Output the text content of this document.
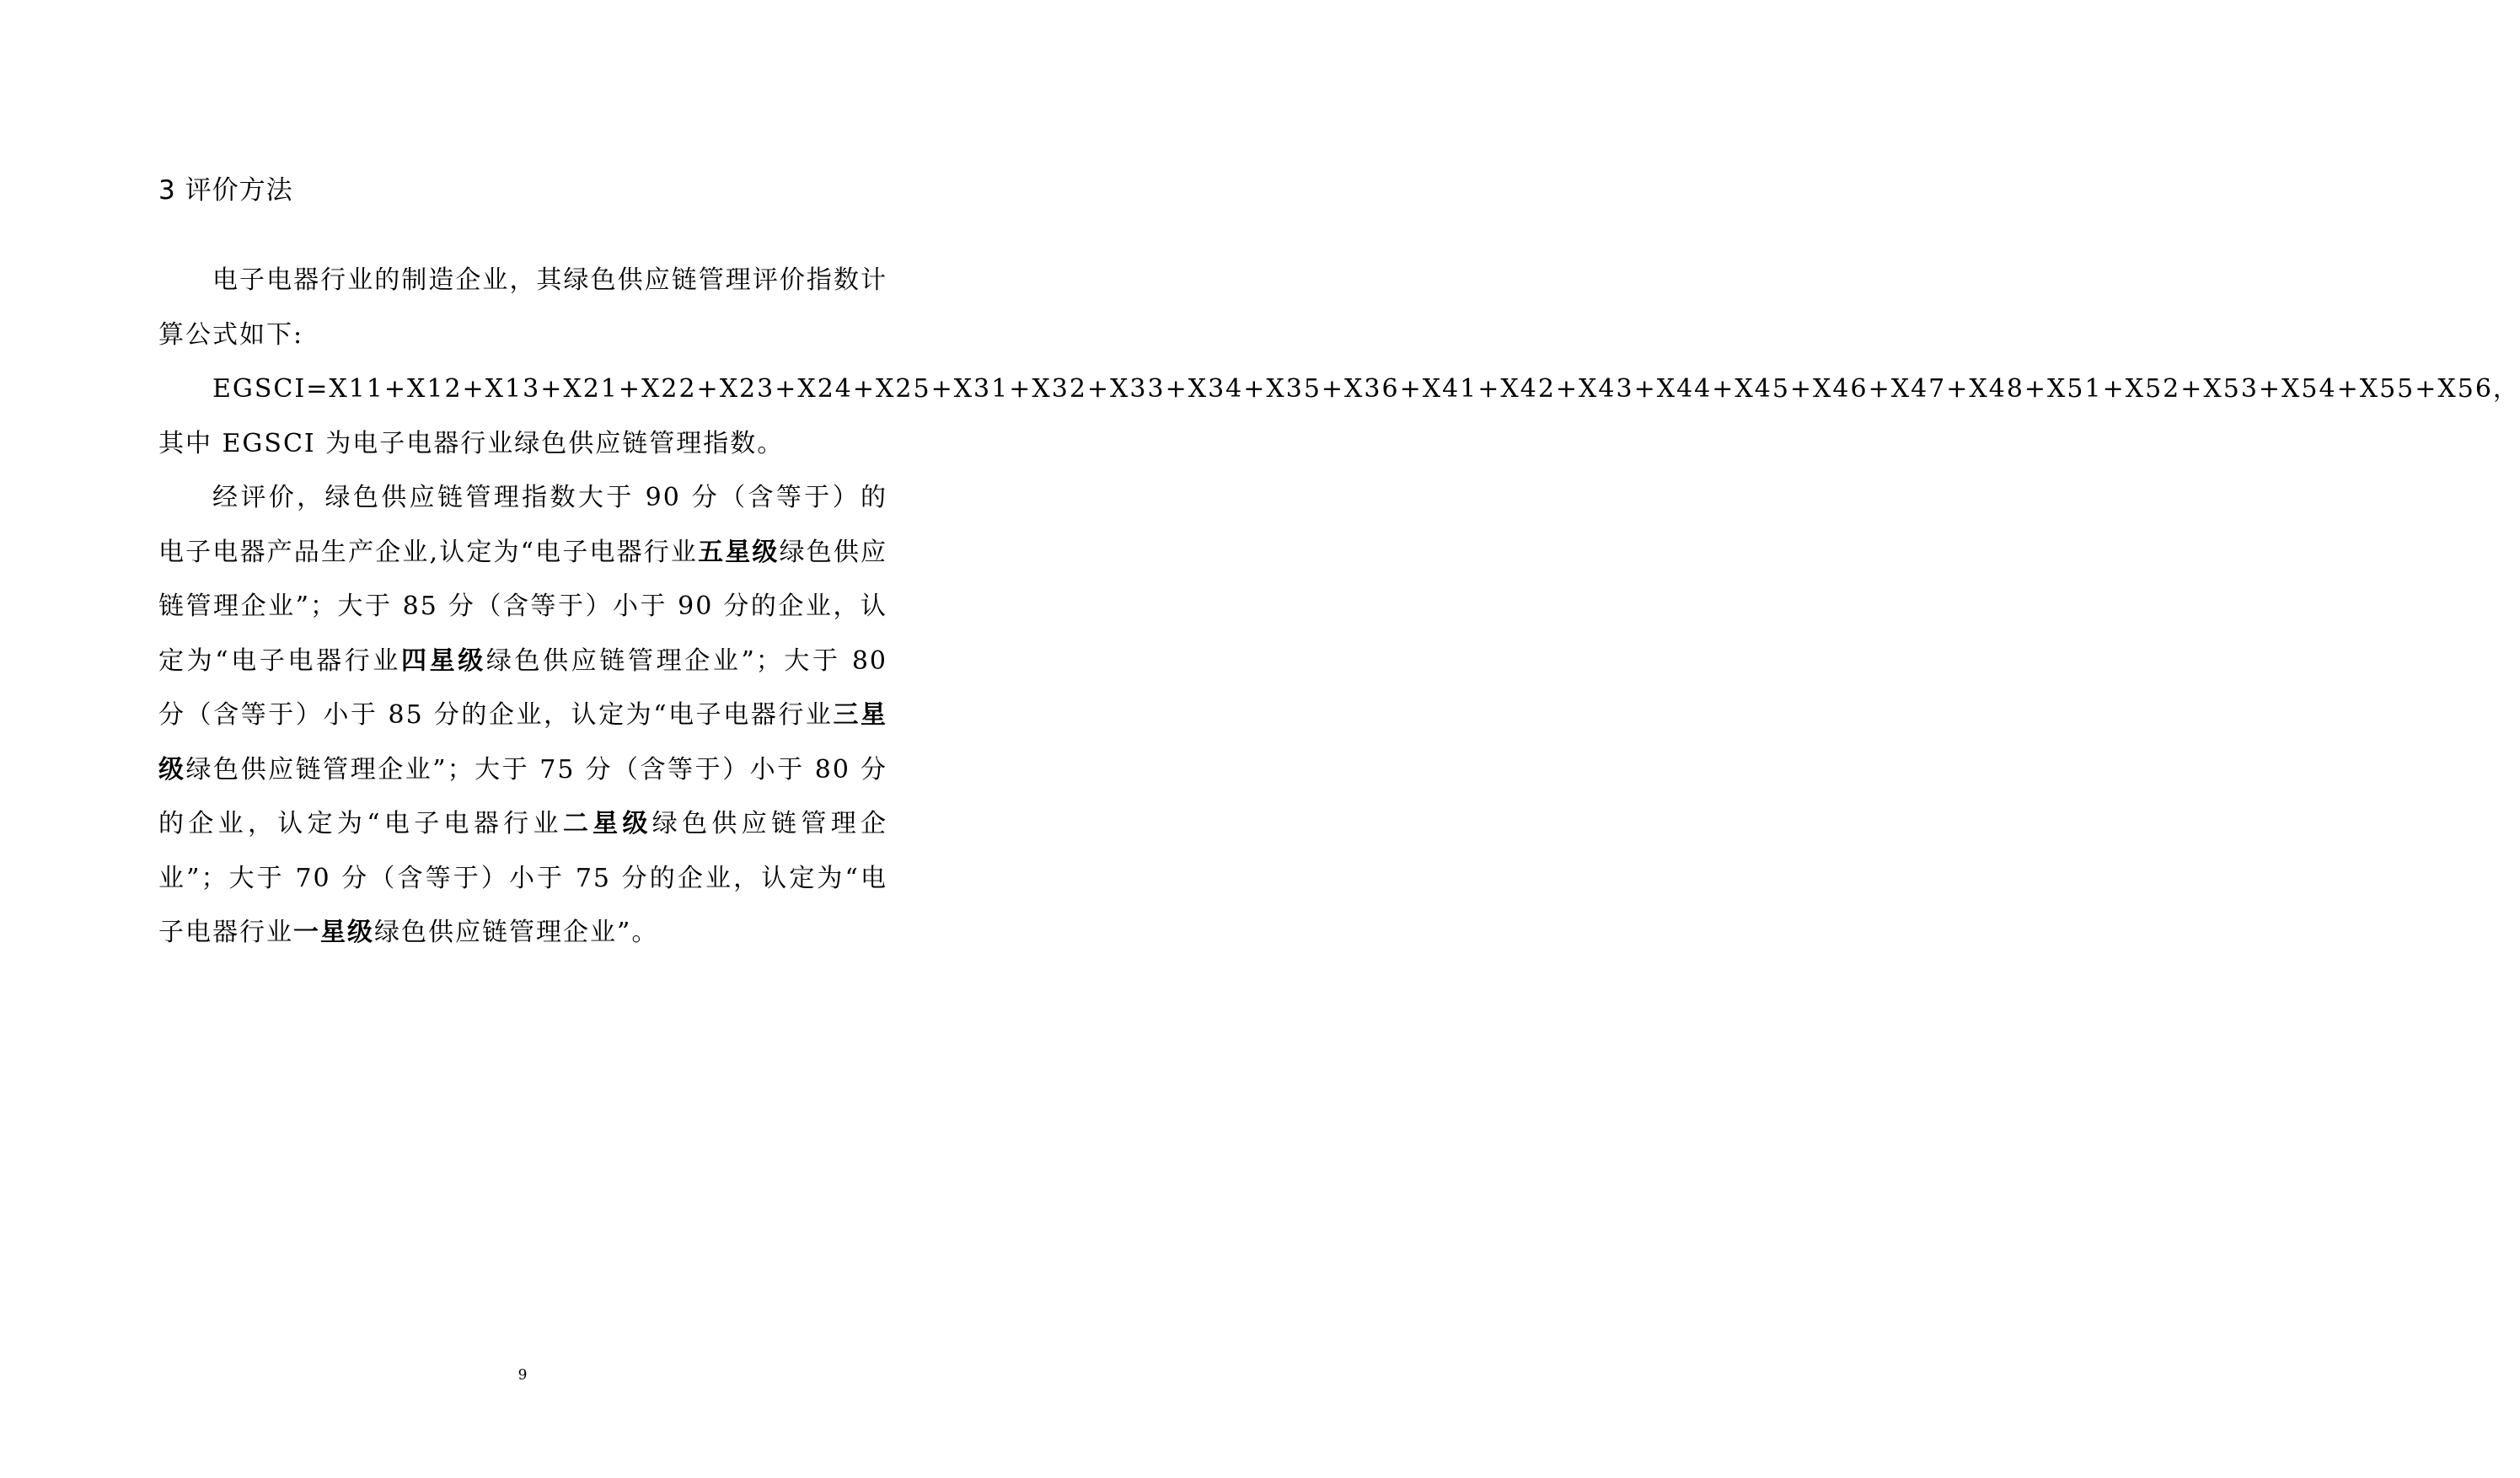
3 评价方法

电子电器行业的制造企业，其绿色供应链管理评价指数计算公式如下:

EGSCI=X11+X12+X13+X21+X22+X23+X24+X25+X31+X32+X33+X34+X35+X36+X41+X42+X43+X44+X45+X46+X47+X48+X51+X52+X53+X54+X55+X56，其中 EGSCI 为电子电器行业绿色供应链管理指数。

经评价，绿色供应链管理指数大于 90 分（含等于）的电子电器产品生产企业,认定为“电子电器行业五星级绿色供应链管理企业”；大于 85 分（含等于）小于 90 分的企业，认定为“电子电器行业四星级绿色供应链管理企业”；大于 80 分（含等于）小于 85 分的企业，认定为“电子电器行业三星级绿色供应链管理企业”；大于 75 分（含等于）小于 80 分的企业，认定为“电子电器行业二星级绿色供应链管理企业”；大于 70 分（含等于）小于 75 分的企业，认定为“电子电器行业一星级绿色供应链管理企业”。

9
